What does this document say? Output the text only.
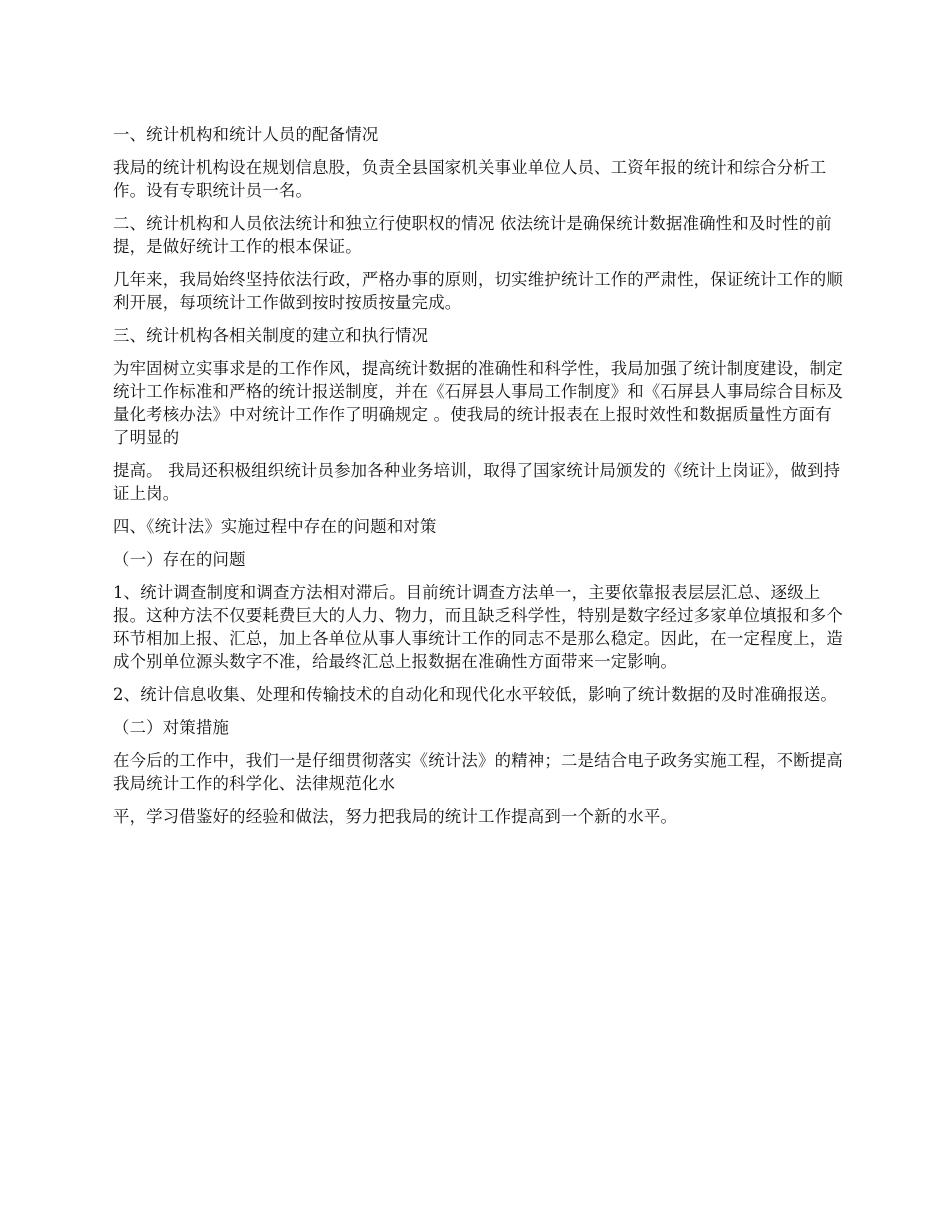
一、统计机构和统计人员的配备情况

我局的统计机构设在规划信息股，负责全县国家机关事业单位人员、工资年报的统计和综合分析工作。设有专职统计员一名。

二、统计机构和人员依法统计和独立行使职权的情况 依法统计是确保统计数据准确性和及时性的前提，是做好统计工作的根本保证。

几年来，我局始终坚持依法行政，严格办事的原则，切实维护统计工作的严肃性，保证统计工作的顺利开展，每项统计工作做到按时按质按量完成。

三、统计机构各相关制度的建立和执行情况

为牢固树立实事求是的工作作风，提高统计数据的准确性和科学性，我局加强了统计制度建设，制定统计工作标准和严格的统计报送制度，并在《石屏县人事局工作制度》和《石屏县人事局综合目标及量化考核办法》中对统计工作作了明确规定 。使我局的统计报表在上报时效性和数据质量性方面有了明显的

提高。 我局还积极组织统计员参加各种业务培训，取得了国家统计局颁发的《统计上岗证》，做到持证上岗。

四、《统计法》实施过程中存在的问题和对策

（一）存在的问题

1、统计调查制度和调查方法相对滞后。目前统计调查方法单一，主要依靠报表层层汇总、逐级上报。这种方法不仅要耗费巨大的人力、物力，而且缺乏科学性，特别是数字经过多家单位填报和多个环节相加上报、汇总，加上各单位从事人事统计工作的同志不是那么稳定。因此，在一定程度上，造成个别单位源头数字不准，给最终汇总上报数据在准确性方面带来一定影响。

2、统计信息收集、处理和传输技术的自动化和现代化水平较低，影响了统计数据的及时准确报送。

（二）对策措施

在今后的工作中，我们一是仔细贯彻落实《统计法》的精神；二是结合电子政务实施工程，不断提高我局统计工作的科学化、法律规范化水

平，学习借鉴好的经验和做法，努力把我局的统计工作提高到一个新的水平。
